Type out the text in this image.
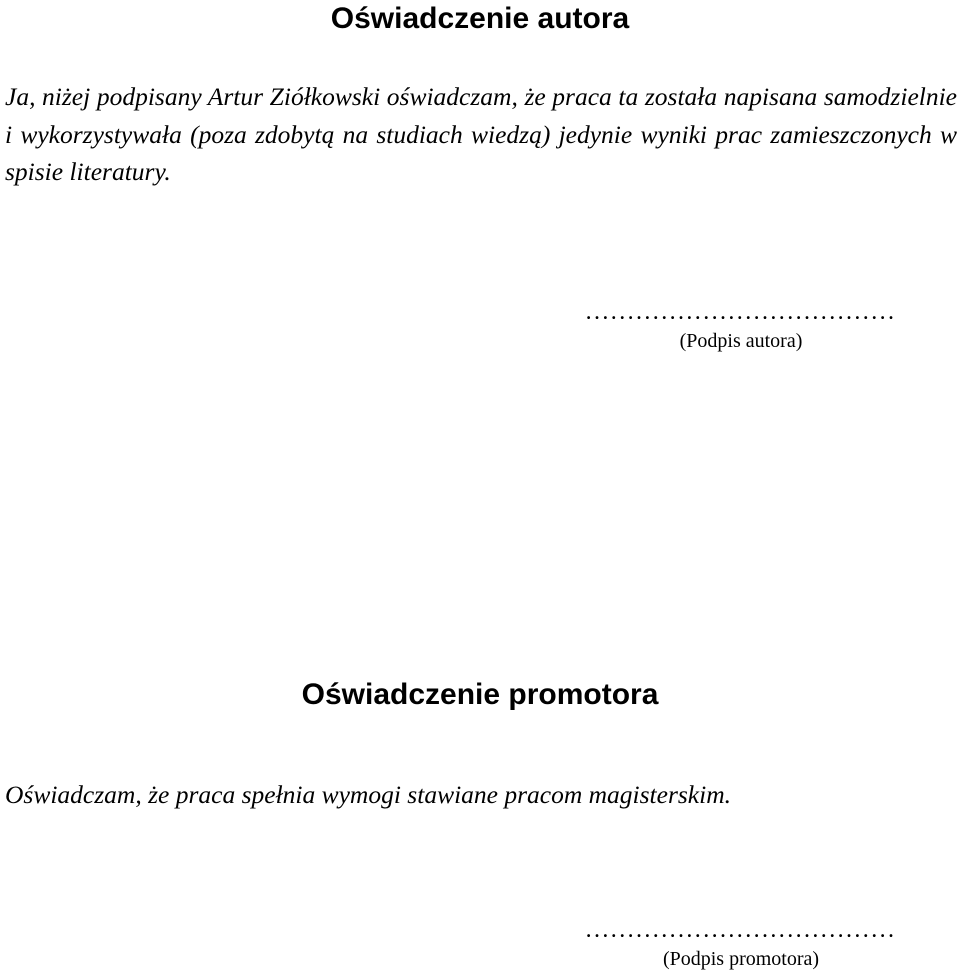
Oświadczenie autora

Ja, niżej podpisany Artur Ziółkowski oświadczam, że praca ta została napisana samodzielnie i wykorzystywała (poza zdobytą na studiach wiedzą) jedynie wyniki prac zamieszczonych w spisie literatury.

.....................................
(Podpis autora)
Oświadczenie promotora

Oświadczam, że praca spełnia wymogi stawiane pracom magisterskim.

.....................................
(Podpis promotora)
